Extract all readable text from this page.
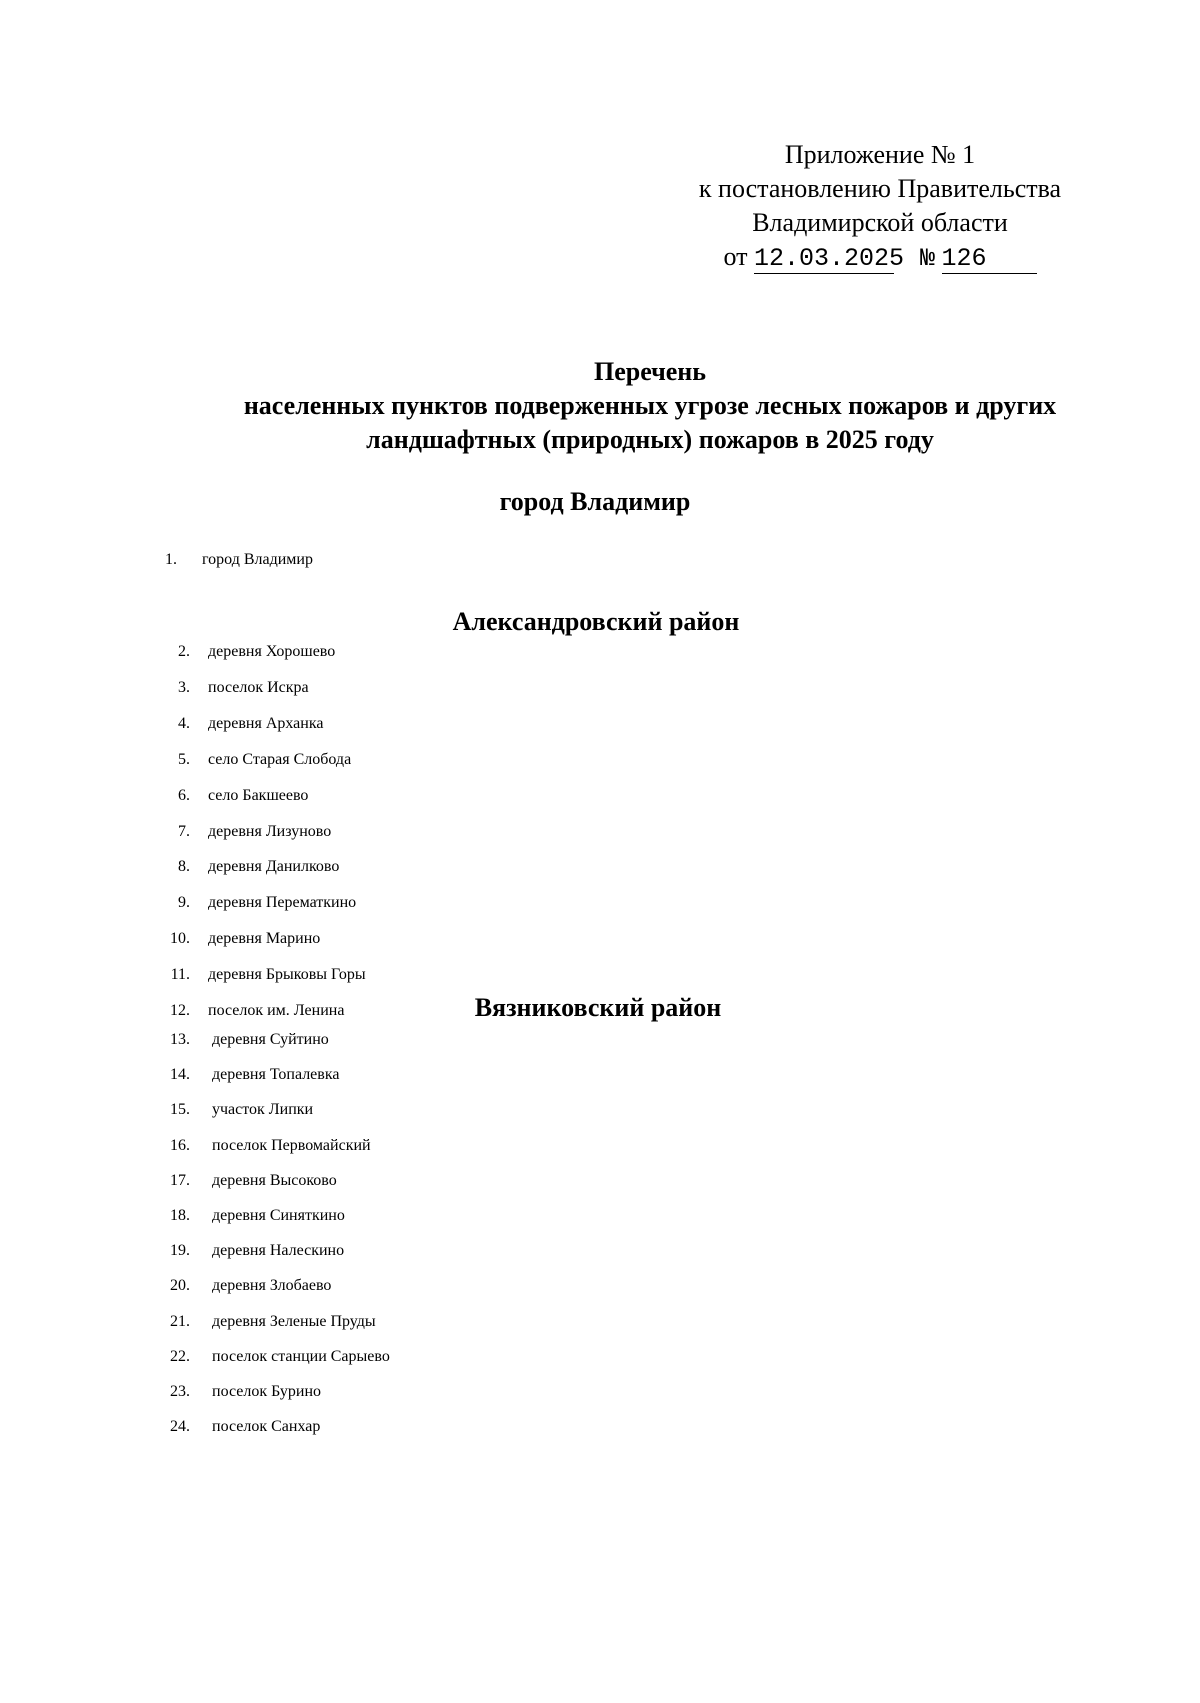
Приложение № 1
к постановлению Правительства
Владимирской области
от 12.03.2025 № 126
Перечень
населенных пунктов подверженных угрозе лесных пожаров и других
ландшафтных (природных) пожаров в 2025 году
город Владимир
1. город Владимир
Александровский район
2. деревня Хорошево
3. поселок Искра
4. деревня Арханка
5. село Старая Слобода
6. село Бакшеево
7. деревня Лизуново
8. деревня Данилково
9. деревня Перематкино
10. деревня Марино
11. деревня Брыковы Горы
12. поселок им. Ленина	Вязниковский район
13. деревня Суйтино
14. деревня Топалевка
15. участок Липки
16. поселок Первомайский
17. деревня Высоково
18. деревня Синяткино
19. деревня Налескино
20. деревня Злобаево
21. деревня Зеленые Пруды
22. поселок станции Сарыево
23. поселок Бурино
24. поселок Санхар
